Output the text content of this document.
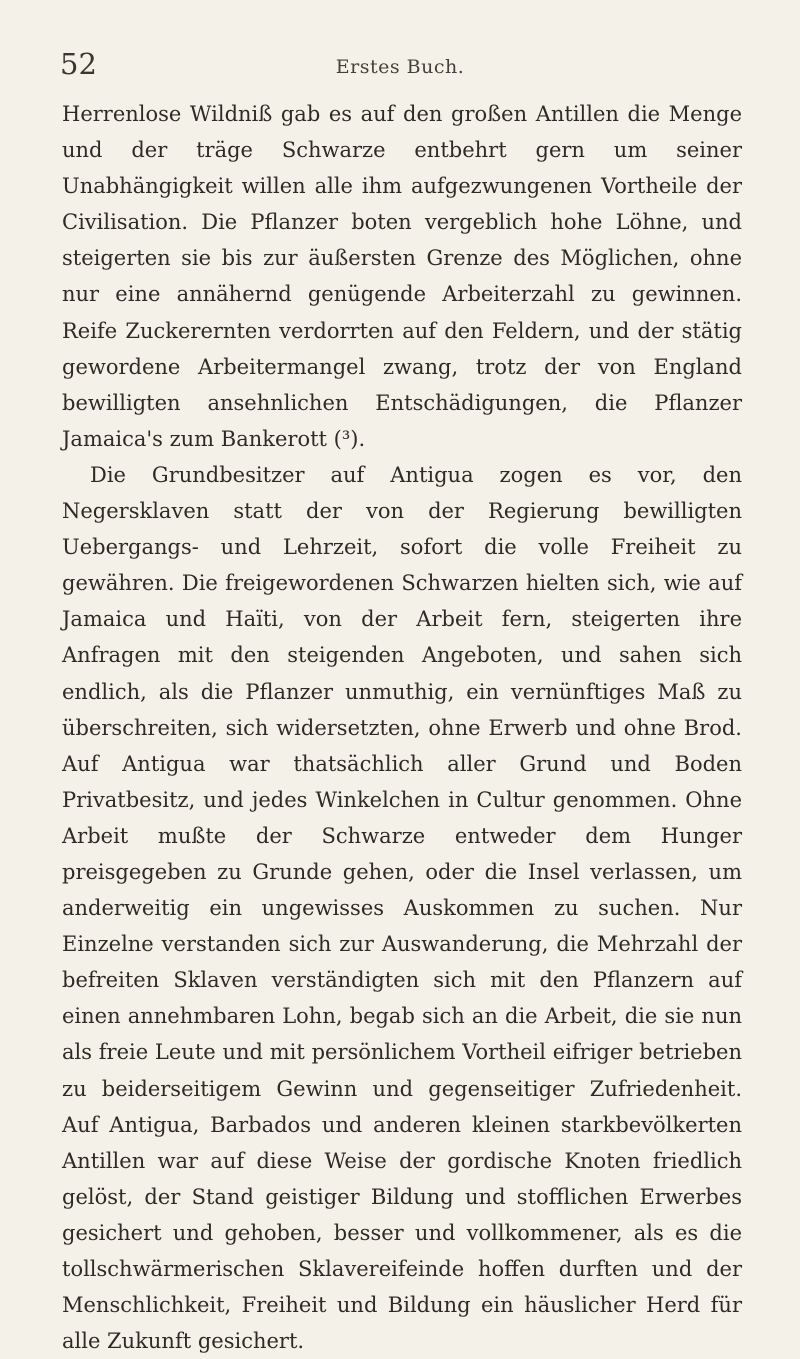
52	Erstes Buch.

Herrenlose Wildniß gab es auf den großen Antillen die Menge und der träge Schwarze entbehrt gern um seiner Unabhängigkeit willen alle ihm aufgezwungenen Vortheile der Civilisation. Die Pflanzer boten vergeblich hohe Löhne, und steigerten sie bis zur äußersten Grenze des Möglichen, ohne nur eine annähernd genügende Arbeiterzahl zu gewinnen. Reife Zuckerernten verdorrten auf den Feldern, und der stätig gewordene Arbeitermangel zwang, trotz der von England bewilligten ansehnlichen Entschädigungen, die Pflanzer Jamaica's zum Bankerott (³).

Die Grundbesitzer auf Antigua zogen es vor, den Negersklaven statt der von der Regierung bewilligten Uebergangs- und Lehrzeit, sofort die volle Freiheit zu gewähren. Die freigewordenen Schwarzen hielten sich, wie auf Jamaica und Haïti, von der Arbeit fern, steigerten ihre Anfragen mit den steigenden Angeboten, und sahen sich endlich, als die Pflanzer unmuthig, ein vernünftiges Maß zu überschreiten, sich widersetzten, ohne Erwerb und ohne Brod. Auf Antigua war thatsächlich aller Grund und Boden Privatbesitz, und jedes Winkelchen in Cultur genommen. Ohne Arbeit mußte der Schwarze entweder dem Hunger preisgegeben zu Grunde gehen, oder die Insel verlassen, um anderweitig ein ungewisses Auskommen zu suchen. Nur Einzelne verstanden sich zur Auswanderung, die Mehrzahl der befreiten Sklaven verständigten sich mit den Pflanzern auf einen annehmbaren Lohn, begab sich an die Arbeit, die sie nun als freie Leute und mit persönlichem Vortheil eifriger betrieben zu beiderseitigem Gewinn und gegenseitiger Zufriedenheit. Auf Antigua, Barbados und anderen kleinen starkbevölkerten Antillen war auf diese Weise der gordische Knoten friedlich gelöst, der Stand geistiger Bildung und stofflichen Erwerbes gesichert und gehoben, besser und vollkommener, als es die tollschwärmerischen Sklavereifeinde hoffen durften und der Menschlichkeit, Freiheit und Bildung ein häuslicher Herd für alle Zukunft gesichert.
